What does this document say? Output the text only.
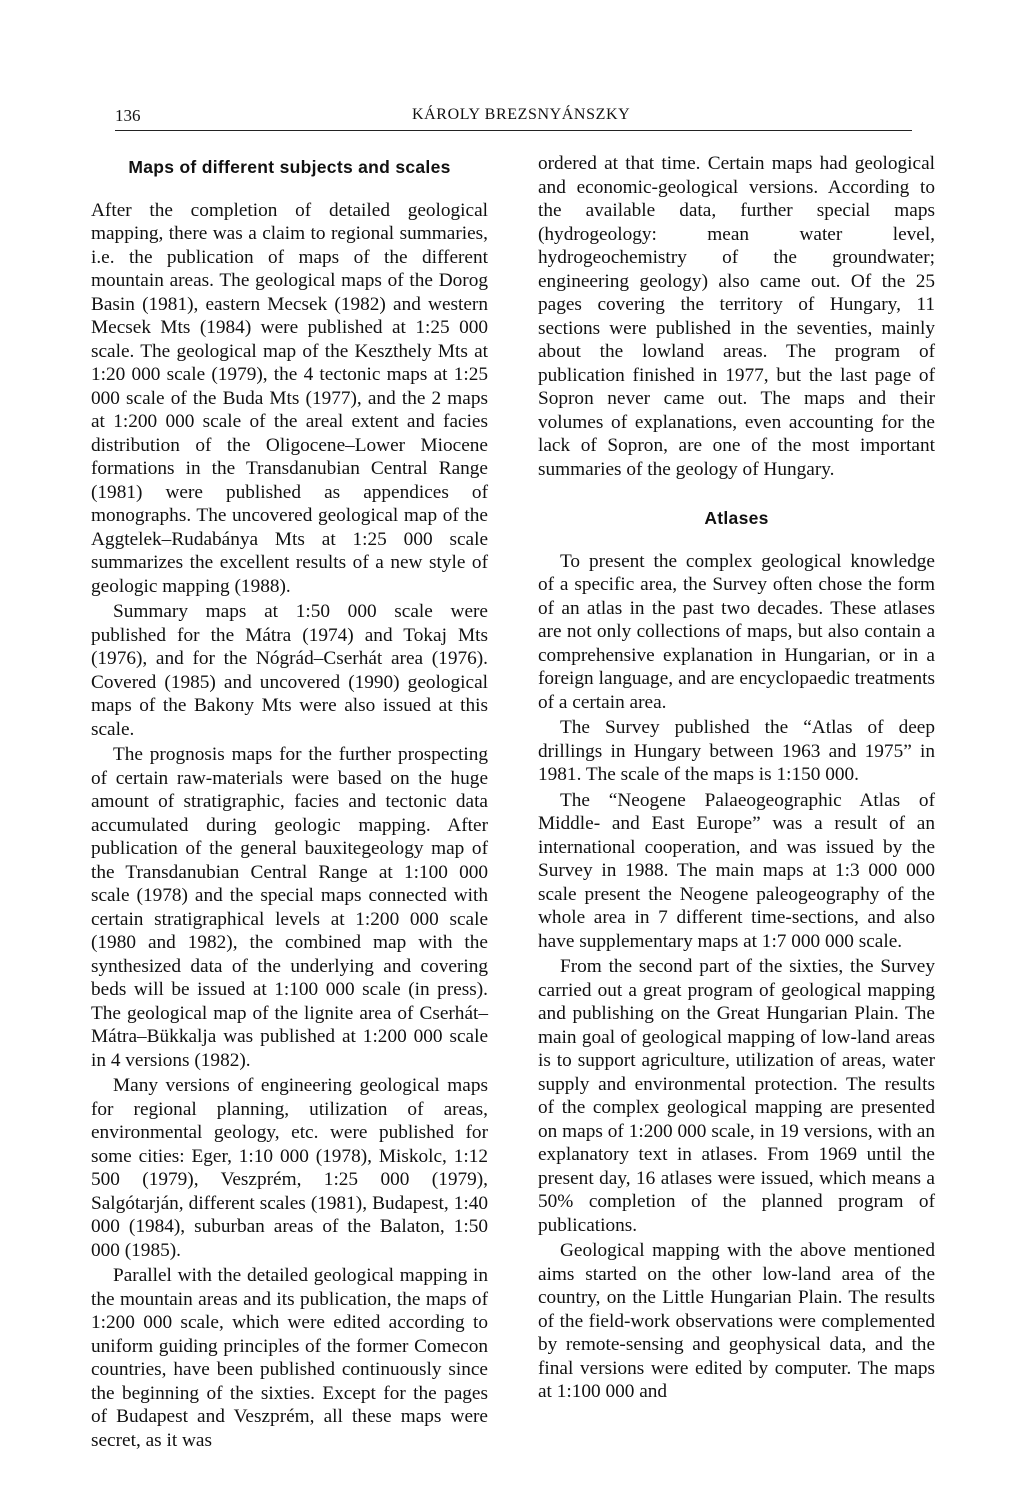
136	KÁROLY BREZSNYÁNSZKY
Maps of different subjects and scales

After the completion of detailed geological mapping, there was a claim to regional summaries, i.e. the publication of maps of the different mountain areas. The geological maps of the Dorog Basin (1981), eastern Mecsek (1982) and western Mecsek Mts (1984) were published at 1:25 000 scale. The geological map of the Keszthely Mts at 1:20 000 scale (1979), the 4 tectonic maps at 1:25 000 scale of the Buda Mts (1977), and the 2 maps at 1:200 000 scale of the areal extent and facies distribution of the Oligocene–Lower Miocene formations in the Transdanubian Central Range (1981) were published as appendices of monographs. The uncovered geological map of the Aggtelek–Rudabánya Mts at 1:25 000 scale summarizes the excellent results of a new style of geologic mapping (1988).

Summary maps at 1:50 000 scale were published for the Mátra (1974) and Tokaj Mts (1976), and for the Nógrád–Cserhát area (1976). Covered (1985) and uncovered (1990) geological maps of the Bakony Mts were also issued at this scale.

The prognosis maps for the further prospecting of certain raw-materials were based on the huge amount of stratigraphic, facies and tectonic data accumulated during geologic mapping. After publication of the general bauxitegeology map of the Transdanubian Central Range at 1:100 000 scale (1978) and the special maps connected with certain stratigraphical levels at 1:200 000 scale (1980 and 1982), the combined map with the synthesized data of the underlying and covering beds will be issued at 1:100 000 scale (in press). The geological map of the lignite area of Cserhát–Mátra–Bükkalja was published at 1:200 000 scale in 4 versions (1982).

Many versions of engineering geological maps for regional planning, utilization of areas, environmental geology, etc. were published for some cities: Eger, 1:10 000 (1978), Miskolc, 1:12 500 (1979), Veszprém, 1:25 000 (1979), Salgótarján, different scales (1981), Budapest, 1:40 000 (1984), suburban areas of the Balaton, 1:50 000 (1985).

Parallel with the detailed geological mapping in the mountain areas and its publication, the maps of 1:200 000 scale, which were edited according to uniform guiding principles of the former Comecon countries, have been published continuously since the beginning of the sixties. Except for the pages of Budapest and Veszprém, all these maps were secret, as it was

ordered at that time. Certain maps had geological and economic-geological versions. According to the available data, further special maps (hydrogeology: mean water level, hydrogeochemistry of the groundwater; engineering geology) also came out. Of the 25 pages covering the territory of Hungary, 11 sections were published in the seventies, mainly about the lowland areas. The program of publication finished in 1977, but the last page of Sopron never came out. The maps and their volumes of explanations, even accounting for the lack of Sopron, are one of the most important summaries of the geology of Hungary.

Atlases

To present the complex geological knowledge of a specific area, the Survey often chose the form of an atlas in the past two decades. These atlases are not only collections of maps, but also contain a comprehensive explanation in Hungarian, or in a foreign language, and are encyclopaedic treatments of a certain area.

The Survey published the “Atlas of deep drillings in Hungary between 1963 and 1975” in 1981. The scale of the maps is 1:150 000.

The “Neogene Palaeogeographic Atlas of Middle- and East Europe” was a result of an international cooperation, and was issued by the Survey in 1988. The main maps at 1:3 000 000 scale present the Neogene paleogeography of the whole area in 7 different time-sections, and also have supplementary maps at 1:7 000 000 scale.

From the second part of the sixties, the Survey carried out a great program of geological mapping and publishing on the Great Hungarian Plain. The main goal of geological mapping of low-land areas is to support agriculture, utilization of areas, water supply and environmental protection. The results of the complex geological mapping are presented on maps of 1:200 000 scale, in 19 versions, with an explanatory text in atlases. From 1969 until the present day, 16 atlases were issued, which means a 50% completion of the planned program of publications.

Geological mapping with the above mentioned aims started on the other low-land area of the country, on the Little Hungarian Plain. The results of the field-work observations were complemented by remote-sensing and geophysical data, and the final versions were edited by computer. The maps at 1:100 000 and
